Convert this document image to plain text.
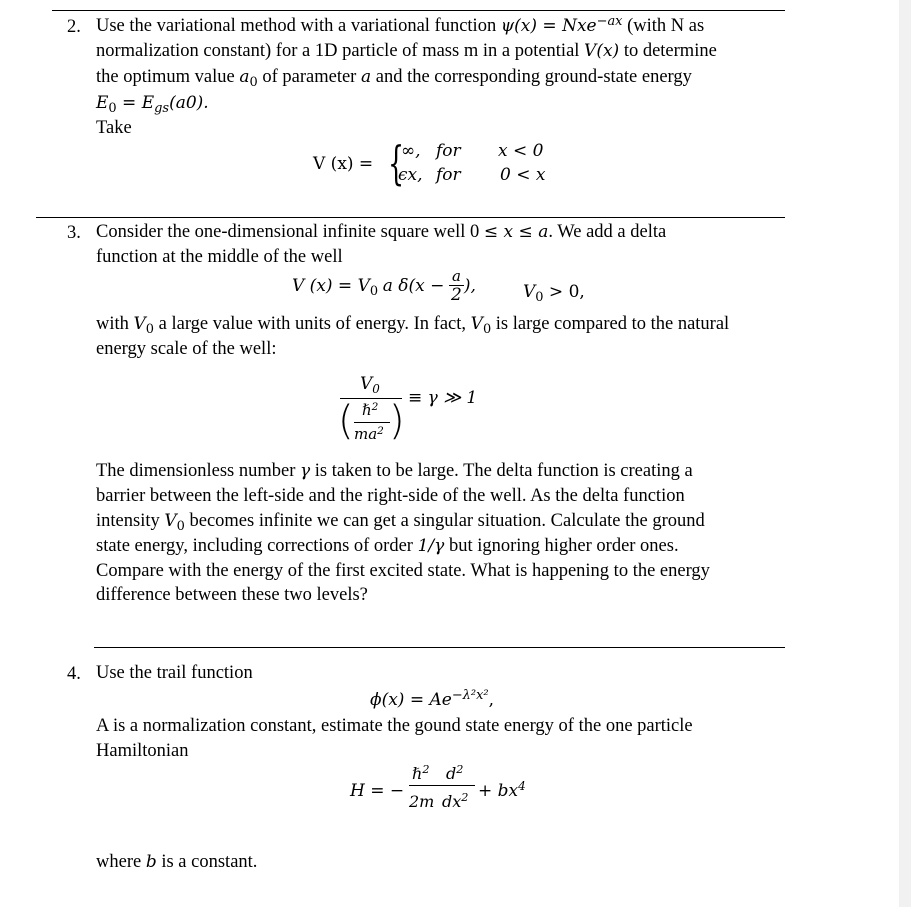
2. Use the variational method with a variational function ψ(x) = Nxe$^{-ax}$ (with N as
normalization constant) for a 1D particle of mass m in a potential V(x) to determine
the optimum value $a_0$ of parameter a and the corresponding ground-state energy
$E_0 = E_{gs}(a0)$.
Take
V (x) = {
∞, for x < 0
ϵx, for 0 < x
3. Consider the one-dimensional infinite square well 0 ≤ x ≤ a. We add a delta
function at the middle of the well
V $(x) = V_0$ a $\delta(x - \frac{a}{2}$ ),	$V_0 > 0$,
with $V_0$ a large value with units of energy. In fact, $V_0$ is large compared to the natural
energy scale of the well:
$V_0$
( ℏ$^2$
$ma^2$ ) ≡ γ ≫ 1
The dimensionless number γ is taken to be large. The delta function is creating a
barrier between the left-side and the right-side of the well. As the delta function
intensity $V_0$ becomes infinite we can get a singular situation. Calculate the ground
state energy, including corrections of order 1/γ but ignoring higher order ones.
Compare with the energy of the first excited state. What is happening to the energy
difference between these two levels?
4. Use the trail function
$\phi(x) = Ae^{-\lambda^2x^2}$,
A is a normalization constant, estimate the gound state energy of the one particle
Hamiltonian
H = −
ℏ$^2$ $d^2$
2m $dx^2 + bx^4$
where b is a constant.
